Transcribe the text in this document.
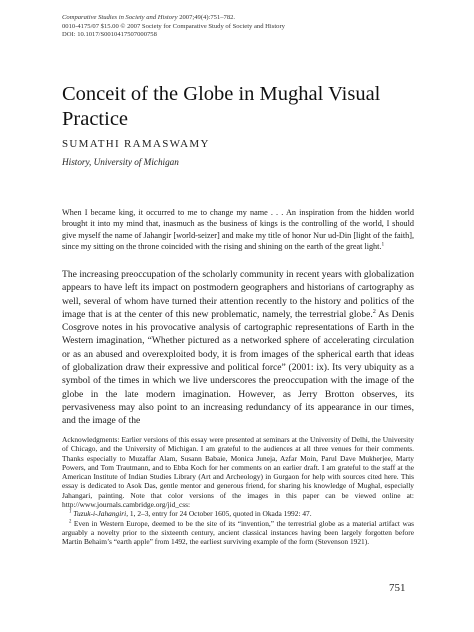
Comparative Studies in Society and History 2007;49(4):751–782.
0010-4175/07 $15.00 © 2007 Society for Comparative Study of Society and History
DOI: 10.1017/S0010417507000758
Conceit of the Globe in Mughal Visual Practice
SUMATHI RAMASWAMY
History, University of Michigan
When I became king, it occurred to me to change my name . . . An inspiration from the hidden world brought it into my mind that, inasmuch as the business of kings is the controlling of the world, I should give myself the name of Jahangir [world-seizer] and make my title of honor Nur ud-Din [light of the faith], since my sitting on the throne coincided with the rising and shining on the earth of the great light.$^1$

The increasing preoccupation of the scholarly community in recent years with globalization appears to have left its impact on postmodern geographers and historians of cartography as well, several of whom have turned their attention recently to the history and politics of the image that is at the center of this new problematic, namely, the terrestrial globe.$^2$ As Denis Cosgrove notes in his provocative analysis of cartographic representations of Earth in the Western imagination, “Whether pictured as a networked sphere of accelerating circulation or as an abused and overexploited body, it is from images of the spherical earth that ideas of globalization draw their expressive and political force” (2001: ix). Its very ubiquity as a symbol of the times in which we live underscores the preoccupation with the image of the globe in the late modern imagination. However, as Jerry Brotton observes, its pervasiveness may also point to an increasing redundancy of its appearance in our times, and the image of the

Acknowledgments: Earlier versions of this essay were presented at seminars at the University of Delhi, the University of Chicago, and the University of Michigan. I am grateful to the audiences at all three venues for their comments. Thanks especially to Muzaffar Alam, Susann Babaie, Monica Juneja, Azfar Moin, Parul Dave Mukherjee, Marty Powers, and Tom Trautmann, and to Ebba Koch for her comments on an earlier draft. I am grateful to the staff at the American Institute of Indian Studies Library (Art and Archeology) in Gurgaon for help with sources cited here. This essay is dedicated to Asok Das, gentle mentor and generous friend, for sharing his knowledge of Mughal, especially Jahangari, painting. Note that color versions of the images in this paper can be viewed online at: http://www.journals.cambridge.org/jid_css:

$^1$ Tuzuk-i-Jahangiri, 1, 2–3, entry for 24 October 1605, quoted in Okada 1992: 47.

$^2$ Even in Western Europe, deemed to be the site of its “invention,” the terrestrial globe as a material artifact was arguably a novelty prior to the sixteenth century, ancient classical instances having been largely forgotten before Martin Behaim’s “earth apple” from 1492, the earliest surviving example of the form (Stevenson 1921).

751
